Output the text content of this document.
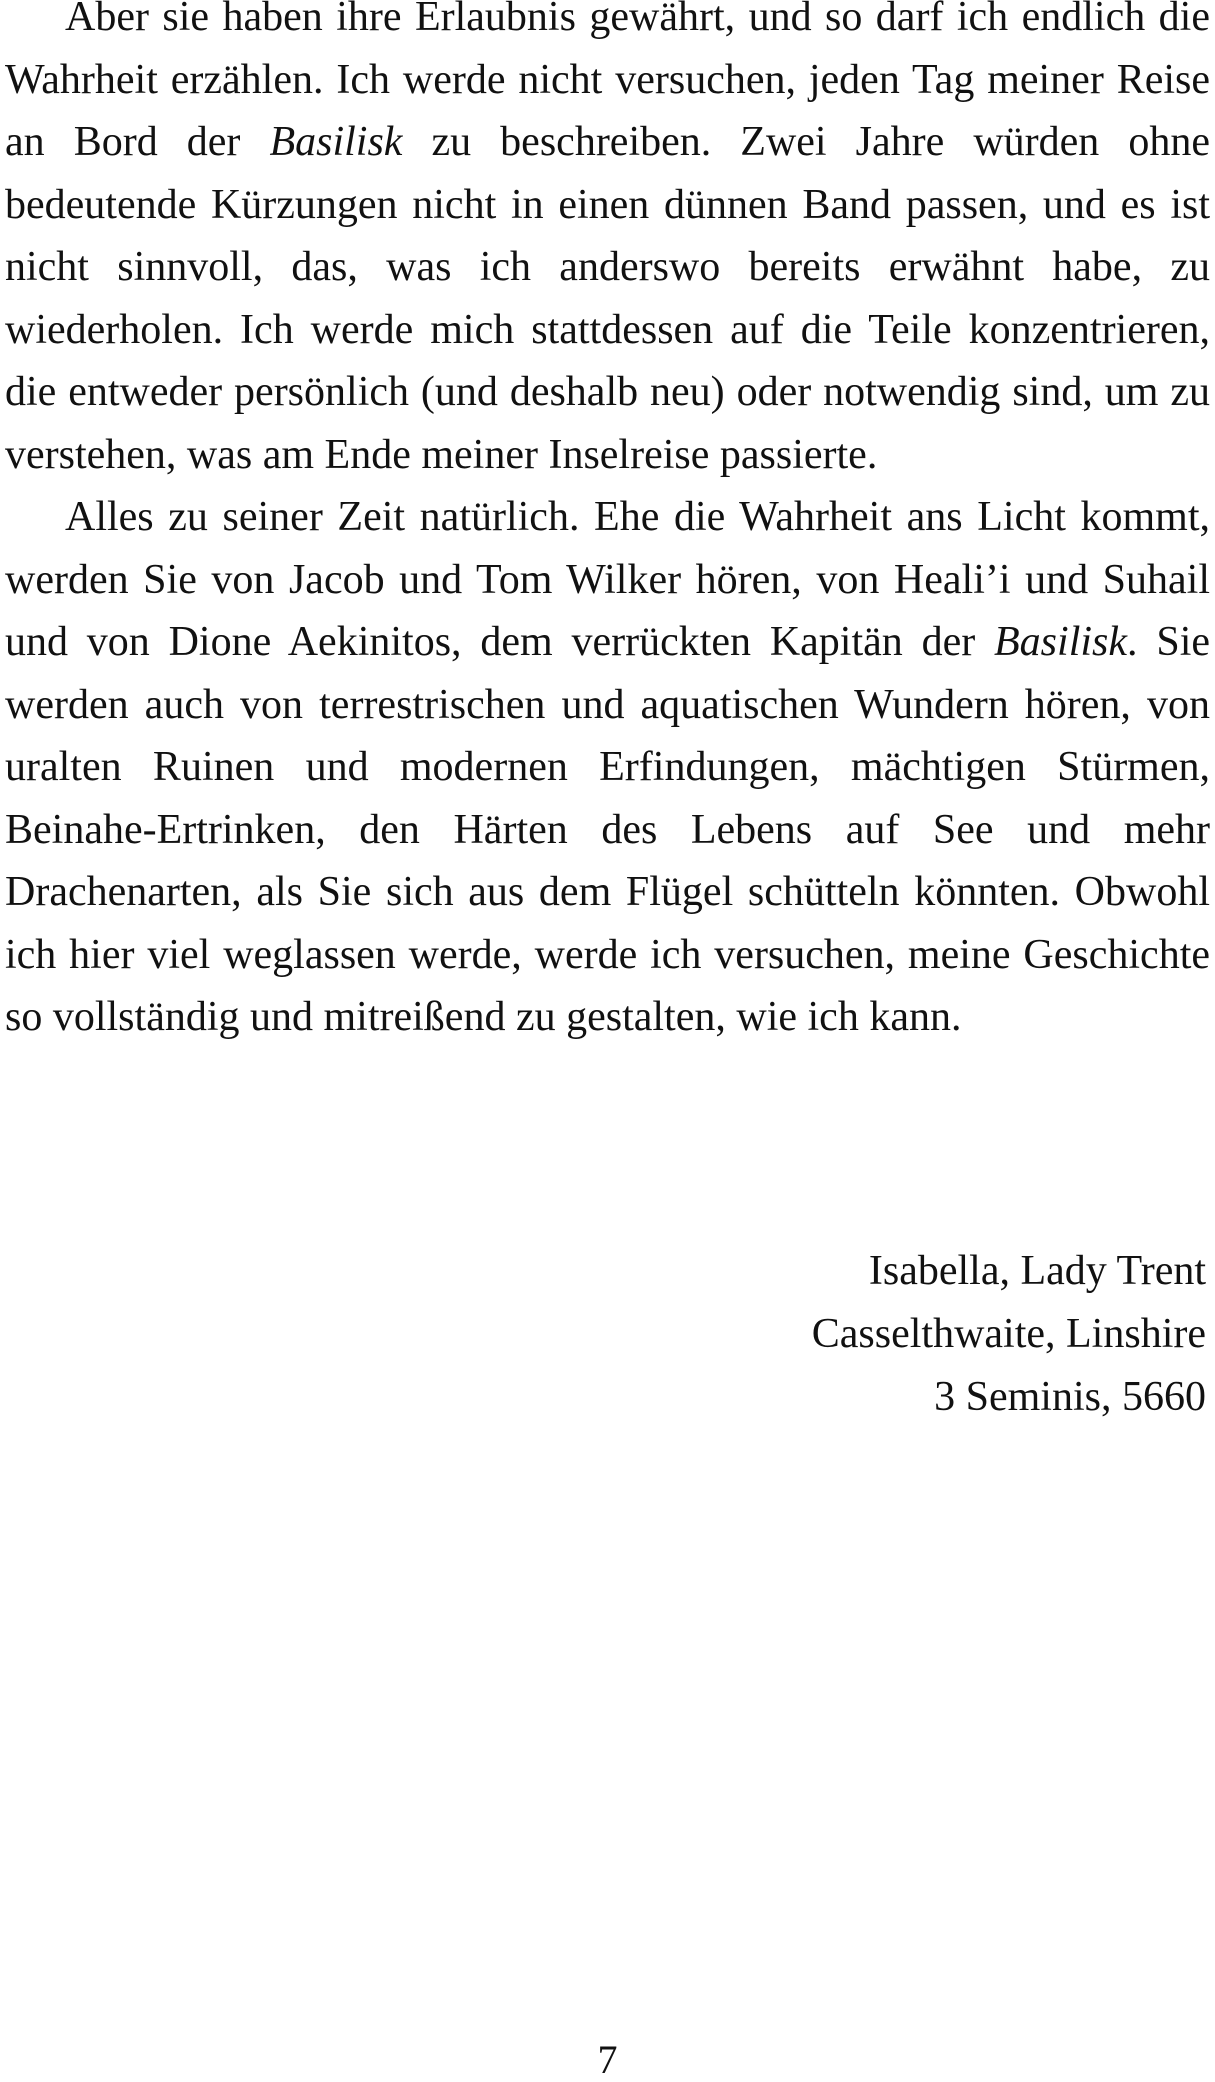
Aber sie haben ihre Erlaubnis gewährt, und so darf ich endlich die Wahrheit erzählen. Ich werde nicht versuchen, jeden Tag meiner Reise an Bord der Basilisk zu beschreiben. Zwei Jahre würden ohne bedeutende Kürzungen nicht in einen dünnen Band passen, und es ist nicht sinnvoll, das, was ich anderswo bereits erwähnt habe, zu wiederholen. Ich werde mich stattdessen auf die Teile konzentrieren, die entweder persönlich (und deshalb neu) oder notwendig sind, um zu verstehen, was am Ende meiner Inselreise passierte.

Alles zu seiner Zeit natürlich. Ehe die Wahrheit ans Licht kommt, werden Sie von Jacob und Tom Wilker hören, von Heali’i und Suhail und von Dione Aekinitos, dem verrückten Kapitän der Basilisk. Sie werden auch von terrestrischen und aquatischen Wundern hören, von uralten Ruinen und modernen Erfindungen, mächtigen Stürmen, Beinahe-Ertrinken, den Härten des Lebens auf See und mehr Drachenarten, als Sie sich aus dem Flügel schütteln könnten. Obwohl ich hier viel weglassen werde, werde ich versuchen, meine Geschichte so vollständig und mitreißend zu gestalten, wie ich kann.

Isabella, Lady Trent
Casselthwaite, Linshire
3 Seminis, 5660
7
